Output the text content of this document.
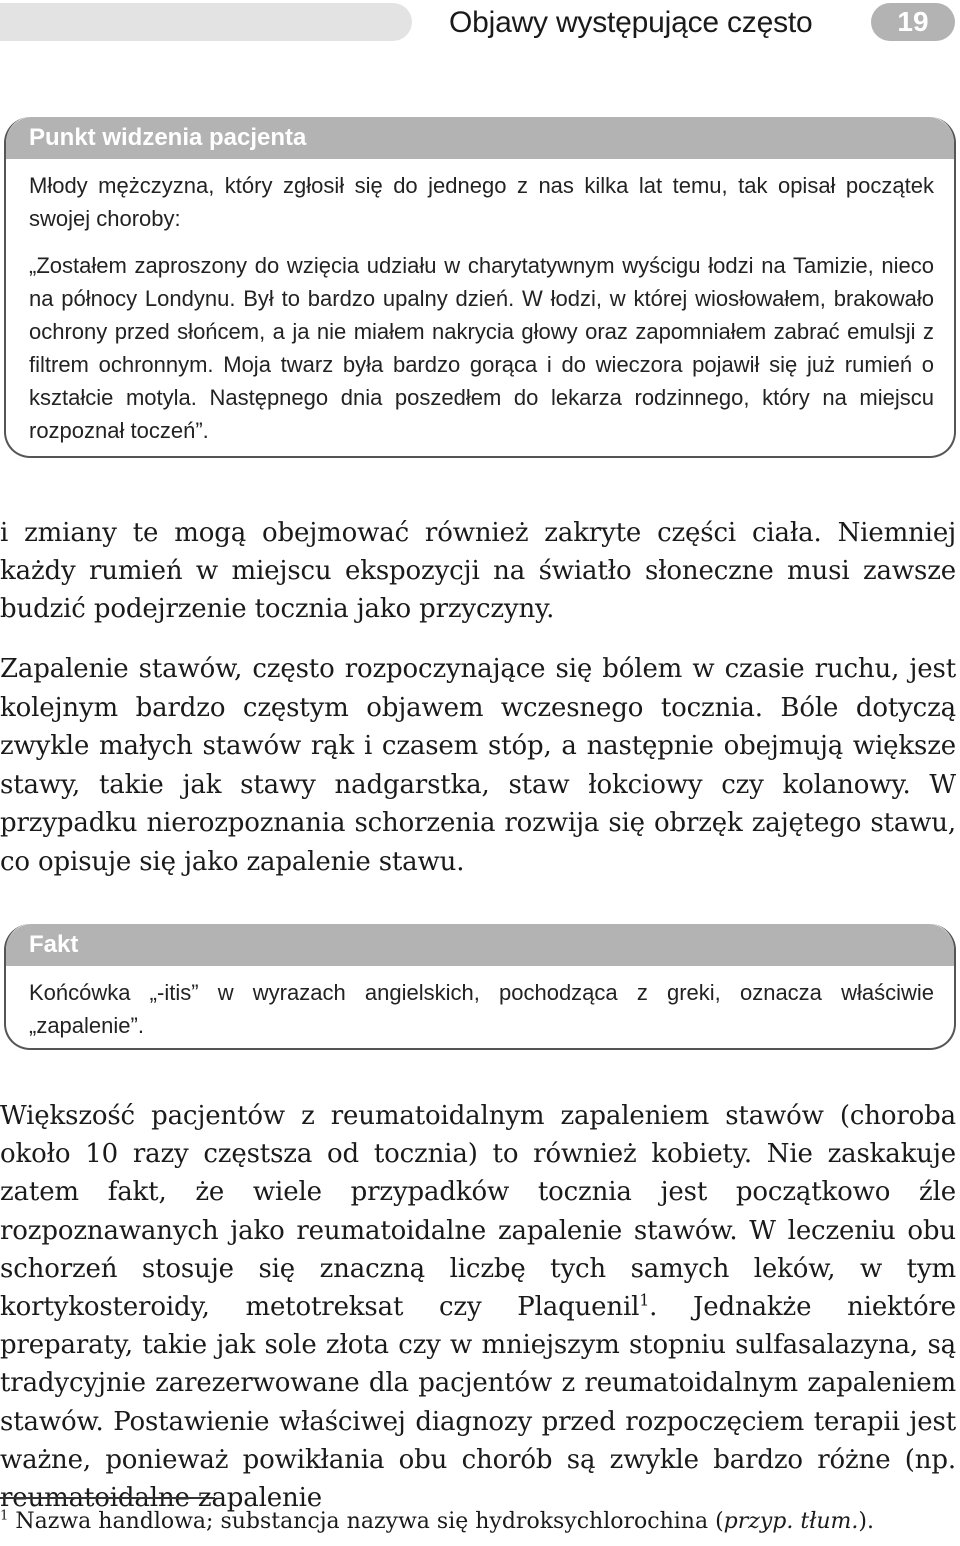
Objawy występujące często	19
Punkt widzenia pacjenta

Młody mężczyzna, który zgłosił się do jednego z nas kilka lat temu, tak opisał początek swojej choroby:

„Zostałem zaproszony do wzięcia udziału w charytatywnym wyścigu łodzi na Tamizie, nieco na północy Londynu. Był to bardzo upalny dzień. W łodzi, w której wiosłowałem, brakowało ochrony przed słońcem, a ja nie miałem nakrycia głowy oraz zapomniałem zabrać emulsji z filtrem ochronnym. Moja twarz była bardzo gorąca i do wieczora pojawił się już rumień o kształcie motyla. Następnego dnia poszedłem do lekarza rodzinnego, który na miejscu rozpoznał toczeń”.

i zmiany te mogą obejmować również zakryte części ciała. Niemniej każdy rumień w miejscu ekspozycji na światło słoneczne musi zawsze budzić podejrzenie tocznia jako przyczyny.

Zapalenie stawów, często rozpoczynające się bólem w czasie ruchu, jest kolejnym bardzo częstym objawem wczesnego tocznia. Bóle dotyczą zwykle małych stawów rąk i czasem stóp, a następnie obejmują większe stawy, takie jak stawy nadgarstka, staw łokciowy czy kolanowy. W przypadku nierozpoznania schorzenia rozwija się obrzęk zajętego stawu, co opisuje się jako zapalenie stawu.

Fakt

Końcówka „-itis” w wyrazach angielskich, pochodząca z greki, oznacza właściwie „zapalenie”.

Większość pacjentów z reumatoidalnym zapaleniem stawów (choroba około 10 razy częstsza od tocznia) to również kobiety. Nie zaskakuje zatem fakt, że wiele przypadków tocznia jest początkowo źle rozpoznawanych jako reumatoidalne zapalenie stawów. W leczeniu obu schorzeń stosuje się znaczną liczbę tych samych leków, w tym kortykosteroidy, metotreksat czy Plaquenil$^1$. Jednakże niektóre preparaty, takie jak sole złota czy w mniejszym stopniu sulfasalazyna, są tradycyjnie zarezerwowane dla pacjentów z reumatoidalnym zapaleniem stawów. Postawienie właściwej diagnozy przed rozpoczęciem terapii jest ważne, ponieważ powikłania obu chorób są zwykle bardzo różne (np. reumatoidalne zapalenie

$^1$ Nazwa handlowa; substancja nazywa się hydroksychlorochina (przyp. tłum.).
